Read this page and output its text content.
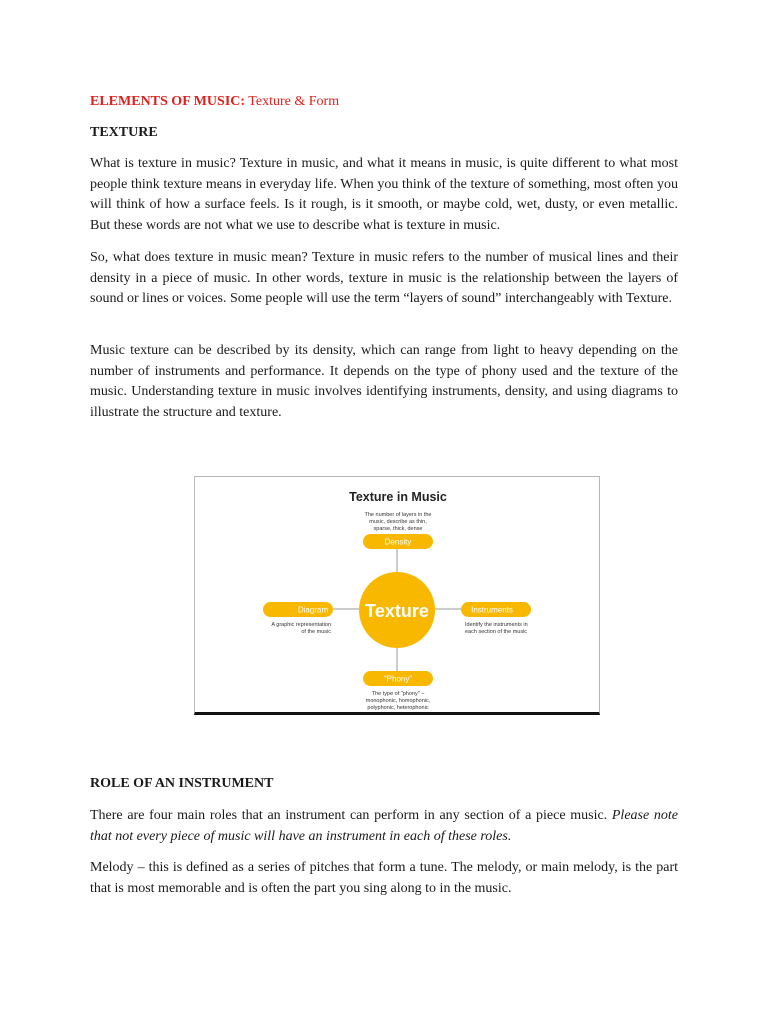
ELEMENTS OF MUSIC: Texture & Form
TEXTURE

What is texture in music? Texture in music, and what it means in music, is quite different to what most people think texture means in everyday life. When you think of the texture of something, most often you will think of how a surface feels. Is it rough, is it smooth, or maybe cold, wet, dusty, or even metallic. But these words are not what we use to describe what is texture in music.

So, what does texture in music mean? Texture in music refers to the number of musical lines and their density in a piece of music. In other words, texture in music is the relationship between the layers of sound or lines or voices. Some people will use the term “layers of sound” interchangeably with Texture.

Music texture can be described by its density, which can range from light to heavy depending on the number of instruments and performance. It depends on the type of phony used and the texture of the music. Understanding texture in music involves identifying instruments, density, and using diagrams to illustrate the structure and texture.

ROLE OF AN INSTRUMENT

There are four main roles that an instrument can perform in any section of a piece music. Please note that not every piece of music will have an instrument in each of these roles.

Melody – this is defined as a series of pitches that form a tune. The melody, or main melody, is the part that is most memorable and is often the part you sing along to in the music.

Texture in Music
The number of layers in the
music, describe as thin,
sparse, thick, dense
Density
Texture
Diagram
A graphic representation
of the music
Instruments
Identify the instruments in
each section of the music
"Phony"
The type of "phony" –
monophonic, homophonic,
polyphonic, heterophonic
